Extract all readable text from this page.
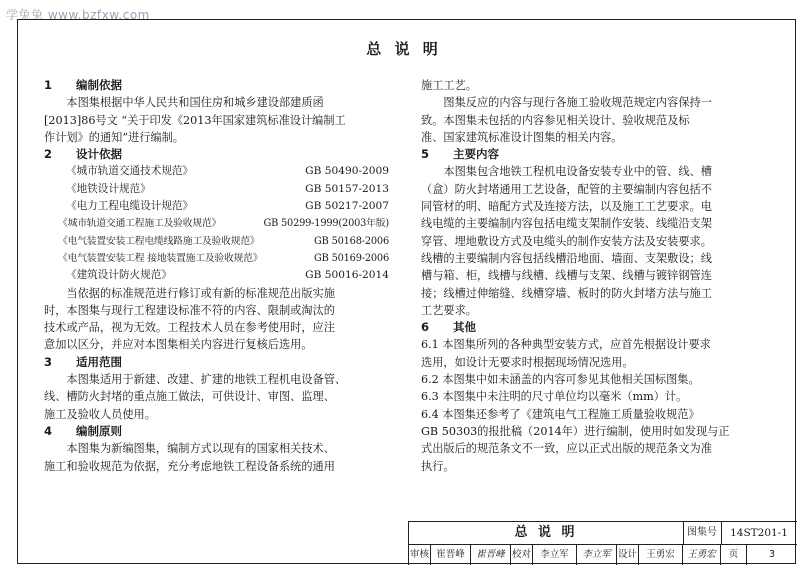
学兔兔 www.bzfxw.com
总 说 明
1	编制依据
本图集根据中华人民共和国住房和城乡建设部建质函
[2013]86号文 “关于印发《2013年国家建筑标准设计编制工
作计划》的通知”进行编制。
2	设计依据
《城市轨道交通技术规范》	GB 50490-2009
《地铁设计规范》	GB 50157-2013
《电力工程电缆设计规范》	GB 50217-2007
《城市轨道交通工程施工及验收规范》	GB 50299-1999(2003年版)
《电气装置安装工程电缆线路施工及验收规范》	GB 50168-2006
《电气装置安装工程 接地装置施工及验收规范》	GB 50169-2006
《建筑设计防火规范》	GB 50016-2014
当依据的标准规范进行修订或有新的标准规范出版实施
时，本图集与现行工程建设标准不符的内容、限制或淘汰的
技术或产品，视为无效。工程技术人员在参考使用时，应注
意加以区分，并应对本图集相关内容进行复核后选用。
3	适用范围
本图集适用于新建、改建、扩建的地铁工程机电设备管、
线、槽防火封堵的重点施工做法，可供设计、审图、监理、
施工及验收人员使用。
4	编制原则
本图集为新编图集，编制方式以现有的国家相关技术、
施工和验收规范为依据，充分考虑地铁工程设备系统的通用
施工工艺。
图集反应的内容与现行各施工验收规范规定内容保持一
致。本图集未包括的内容参见相关设计、验收规范及标
准、国家建筑标准设计图集的相关内容。
5	主要内容
本图集包含地铁工程机电设备安装专业中的管、线、槽
（盒）防火封堵通用工艺设备，配管的主要编制内容包括不
同管材的明、暗配方式及连接方法，以及施工工艺要求。电
线电缆的主要编制内容包括电缆支架制作安装、线缆沿支架
穿管、埋地敷设方式及电缆头的制作安装方法及安装要求。
线槽的主要编制内容包括线槽沿地面、墙面、支架敷设；线
槽与箱、柜，线槽与线槽、线槽与支架、线槽与镀锌钢管连
接；线槽过伸缩缝、线槽穿墙、板时的防火封堵方法与施工
工艺要求。
6	其他
6.1 本图集所列的各种典型安装方式，应首先根据设计要求
选用，如设计无要求时根据现场情况选用。
6.2 本图集中如未涵盖的内容可参见其他相关国标图集。
6.3 本图集中未注明的尺寸单位均以毫米（mm）计。
6.4 本图集还参考了《建筑电气工程施工质量验收规范》
GB 50303的报批稿（2014年）进行编制，使用时如发现与正
式出版后的规范条文不一致，应以正式出版的规范条文为准
执行。
总 说 明	图集号	14ST201-1
审核 崔晋峰	崔晋峰 校对 李立军	李立军 设计 王勇宏	王勇宏	页	3
